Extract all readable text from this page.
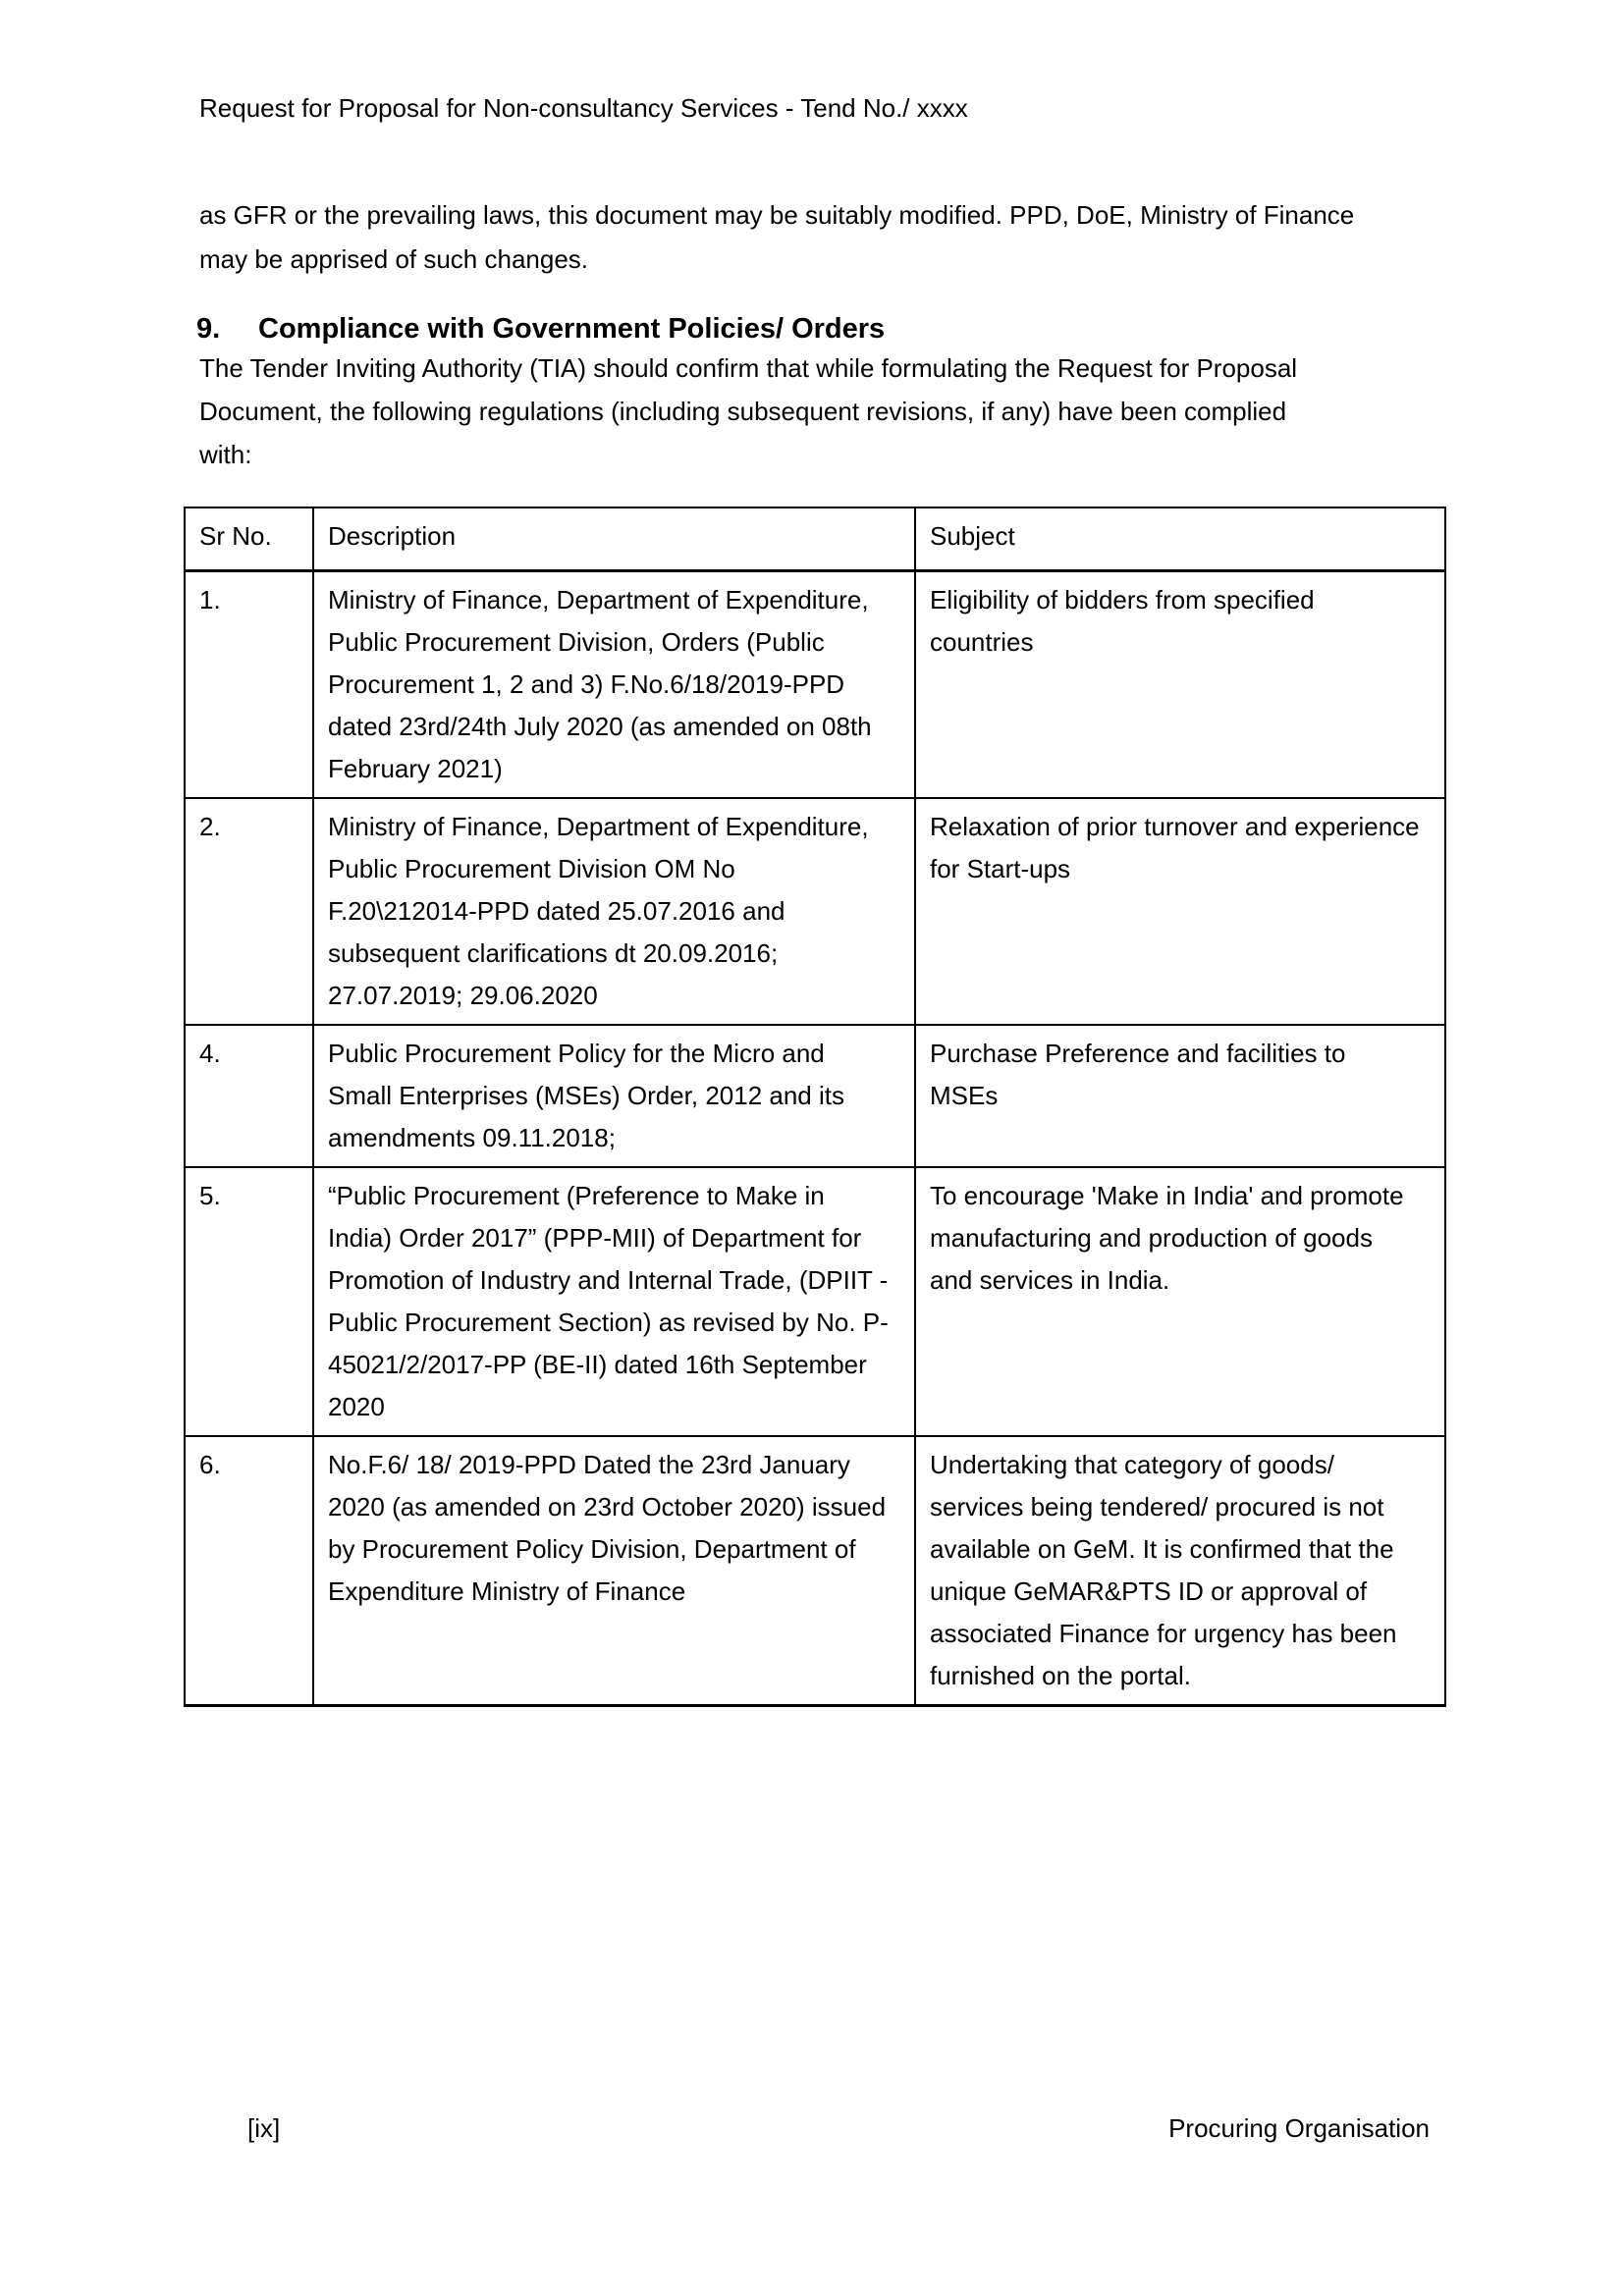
Request for Proposal for Non-consultancy Services - Tend No./ xxxx
as GFR or the prevailing laws, this document may be suitably modified. PPD, DoE, Ministry of Finance
may be apprised of such changes.
9. Compliance with Government Policies/ Orders
The Tender Inviting Authority (TIA) should confirm that while formulating the Request for Proposal
Document, the following regulations (including subsequent revisions, if any) have been complied
with:
Sr No.	Description	Subject
1.	Ministry of Finance, Department of Expenditure, Public Procurement Division, Orders (Public Procurement 1, 2 and 3) F.No.6/18/2019-PPD dated 23rd/24th July 2020 (as amended on 08th February 2021)	Eligibility of bidders from specified countries
2.	Ministry of Finance, Department of Expenditure, Public Procurement Division OM No F.20\212014-PPD dated 25.07.2016 and subsequent clarifications dt 20.09.2016; 27.07.2019; 29.06.2020	Relaxation of prior turnover and experience for Start-ups
4.	Public Procurement Policy for the Micro and Small Enterprises (MSEs) Order, 2012 and its amendments 09.11.2018;	Purchase Preference and facilities to MSEs
5.	“Public Procurement (Preference to Make in India) Order 2017” (PPP-MII) of Department for Promotion of Industry and Internal Trade, (DPIIT - Public Procurement Section) as revised by No. P-45021/2/2017-PP (BE-II) dated 16th September 2020	To encourage 'Make in India' and promote manufacturing and production of goods and services in India.
6.	No.F.6/ 18/ 2019-PPD Dated the 23rd January 2020 (as amended on 23rd October 2020) issued by Procurement Policy Division, Department of Expenditure Ministry of Finance	Undertaking that category of goods/ services being tendered/ procured is not available on GeM. It is confirmed that the unique GeMAR&PTS ID or approval of associated Finance for urgency has been furnished on the portal.
[ix]	Procuring Organisation
